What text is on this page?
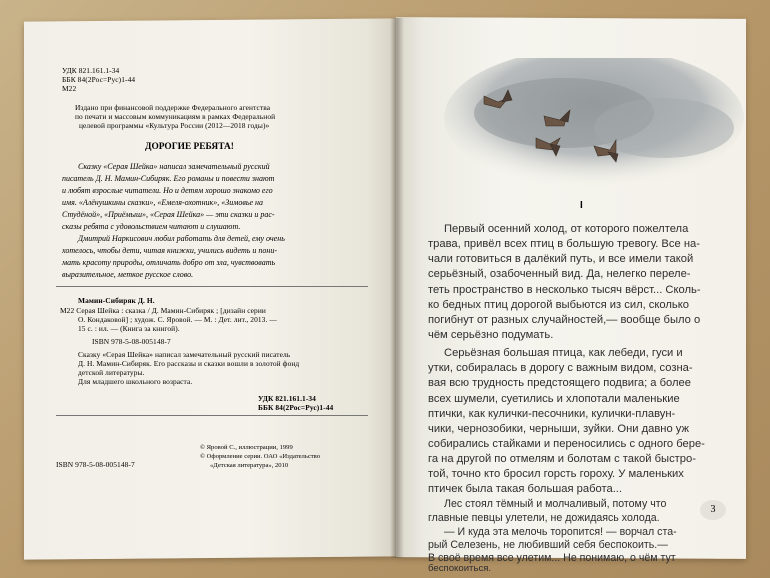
УДК 821.161.1-34
ББК 84(2Рос=Рус)1-44
М22
Издано при финансовой поддержке Федерального агентства
по печати и массовым коммуникациям в рамках Федеральной
целевой программы «Культура России (2012—2018 годы)»
ДОРОГИЕ РЕБЯТА!
Сказку «Серая Шейка» написал замечательный русский
писатель Д. Н. Мамин-Сибиряк. Его романы и повести знают
и любят взрослые читатели. Но и детям хорошо знакомо его
имя. «Алёнушкины сказки», «Емеля-охотник», «Зимовье на
Студёной», «Приёмыш», «Серая Шейка» — эти сказки и рас-
сказы ребята с удовольствием читают и слушают.
Дмитрий Наркисович любил работать для детей, ему очень
хотелось, чтобы дети, читая книжки, учились видеть и пони-
мать красоту природы, отличать добро от зла, чувствовать
выразительное, меткое русское слово.
Мамин-Сибиряк Д. Н.
М22 Серая Шейка : сказка / Д. Мамин-Сибиряк ; [дизайн серии
О. Кондаковой] ; худож. С. Яровой. — М. : Дет. лит., 2013. —
15 с. : ил. — (Книга за книгой).
ISBN 978-5-08-005148-7
Сказку «Серая Шейка» написал замечательный русский писатель
Д. Н. Мамин-Сибиряк. Его рассказы и сказки вошли в золотой фонд
детской литературы.
Для младшего школьного возраста.
УДК 821.161.1-34
ББК 84(2Рос=Рус)1-44
© Яровой С., иллюстрации, 1999
© Оформление серии. ОАО «Издательство
«Детская литература», 2010
ISBN 978-5-08-005148-7
I
Первый осенний холод, от которого пожелтела
трава, привёл всех птиц в большую тревогу. Все на-
чали готовиться в далёкий путь, и все имели такой
серьёзный, озабоченный вид. Да, нелегко переле-
теть пространство в несколько тысяч вёрст... Сколь-
ко бедных птиц дорогой выбьются из сил, сколько
погибнут от разных случайностей,— вообще было о
чём серьёзно подумать.
Серьёзная большая птица, как лебеди, гуси и
утки, собиралась в дорогу с важным видом, созна-
вая всю трудность предстоящего подвига; а более
всех шумели, суетились и хлопотали маленькие
птички, как кулички-песочники, кулички-плавун-
чики, чернозобики, черныши, зуйки. Они давно уж
собирались стайками и переносились с одного бере-
га на другой по отмелям и болотам с такой быстро-
той, точно кто бросил горсть гороху. У маленьких
птичек была такая большая работа...
Лес стоял тёмный и молчаливый, потому что
главные певцы улетели, не дожидаясь холода.
— И куда эта мелочь торопится! — ворчал ста-
рый Селезень, не любивший себя беспокоить.—
В своё время все улетим... Не понимаю, о чём тут
беспокоиться.
3
